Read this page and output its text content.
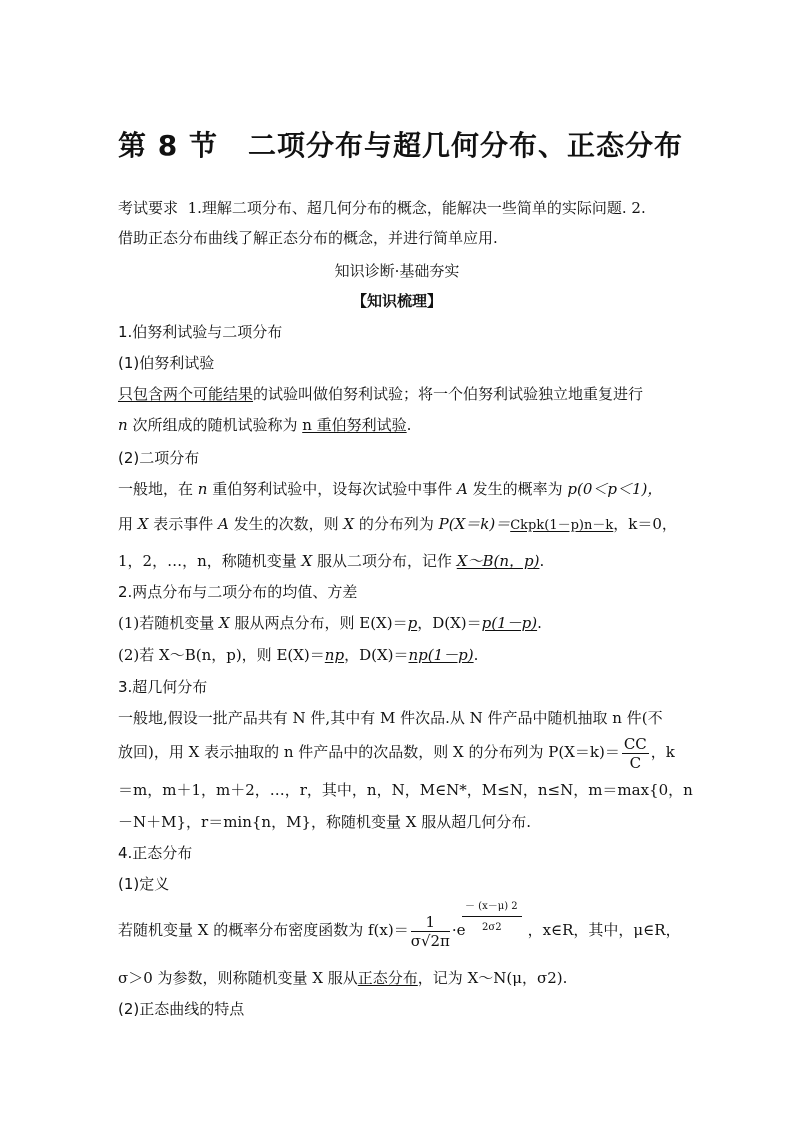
第 8 节 二项分布与超几何分布、正态分布
考试要求 1.理解二项分布、超几何分布的概念，能解决一些简单的实际问题. 2.
借助正态分布曲线了解正态分布的概念，并进行简单应用.
知识诊断·基础夯实
【知识梳理】
1.伯努利试验与二项分布
(1)伯努利试验
只包含两个可能结果的试验叫做伯努利试验；将一个伯努利试验独立地重复进行
n 次所组成的随机试验称为 n 重伯努利试验.
(2)二项分布
一般地，在 n 重伯努利试验中，设每次试验中事件 A 发生的概率为 p(0＜p＜1)，
用 X 表示事件 A 发生的次数，则 X 的分布列为 P(X＝k)＝Ckpk(1－p)n－k，k＝0，
1，2，…，n，称随机变量 X 服从二项分布，记作 X～B(n，p).
2.两点分布与二项分布的均值、方差
(1)若随机变量 X 服从两点分布，则 E(X)＝p，D(X)＝p(1－p).
(2)若 X～B(n，p)，则 E(X)＝np，D(X)＝np(1－p).
3.超几何分布
一般地,假设一批产品共有 N 件,其中有 M 件次品.从 N 件产品中随机抽取 n 件(不
放回)，用 X 表示抽取的 n 件产品中的次品数，则 X 的分布列为 $P(X=k)= \frac{CC}{C}$ ，k
＝m，m＋1，m＋2，…，r，其中，n，N，M∈N*，M≤N，n≤N，m＝max{0，n
－N＋M}，r＝min{n，M}，称随机变量 X 服从超几何分布.
4.正态分布
(1)定义
－ (x－μ) 2
2σ2
若随机变量 X 的概率分布密度函数为 $f(x)= \frac{1}{\sigma√2\pi} \cdot e$	，x∈R，其中，μ∈R，
σ＞0 为参数，则称随机变量 X 服从正态分布，记为 X～N(μ，σ2).
(2)正态曲线的特点
